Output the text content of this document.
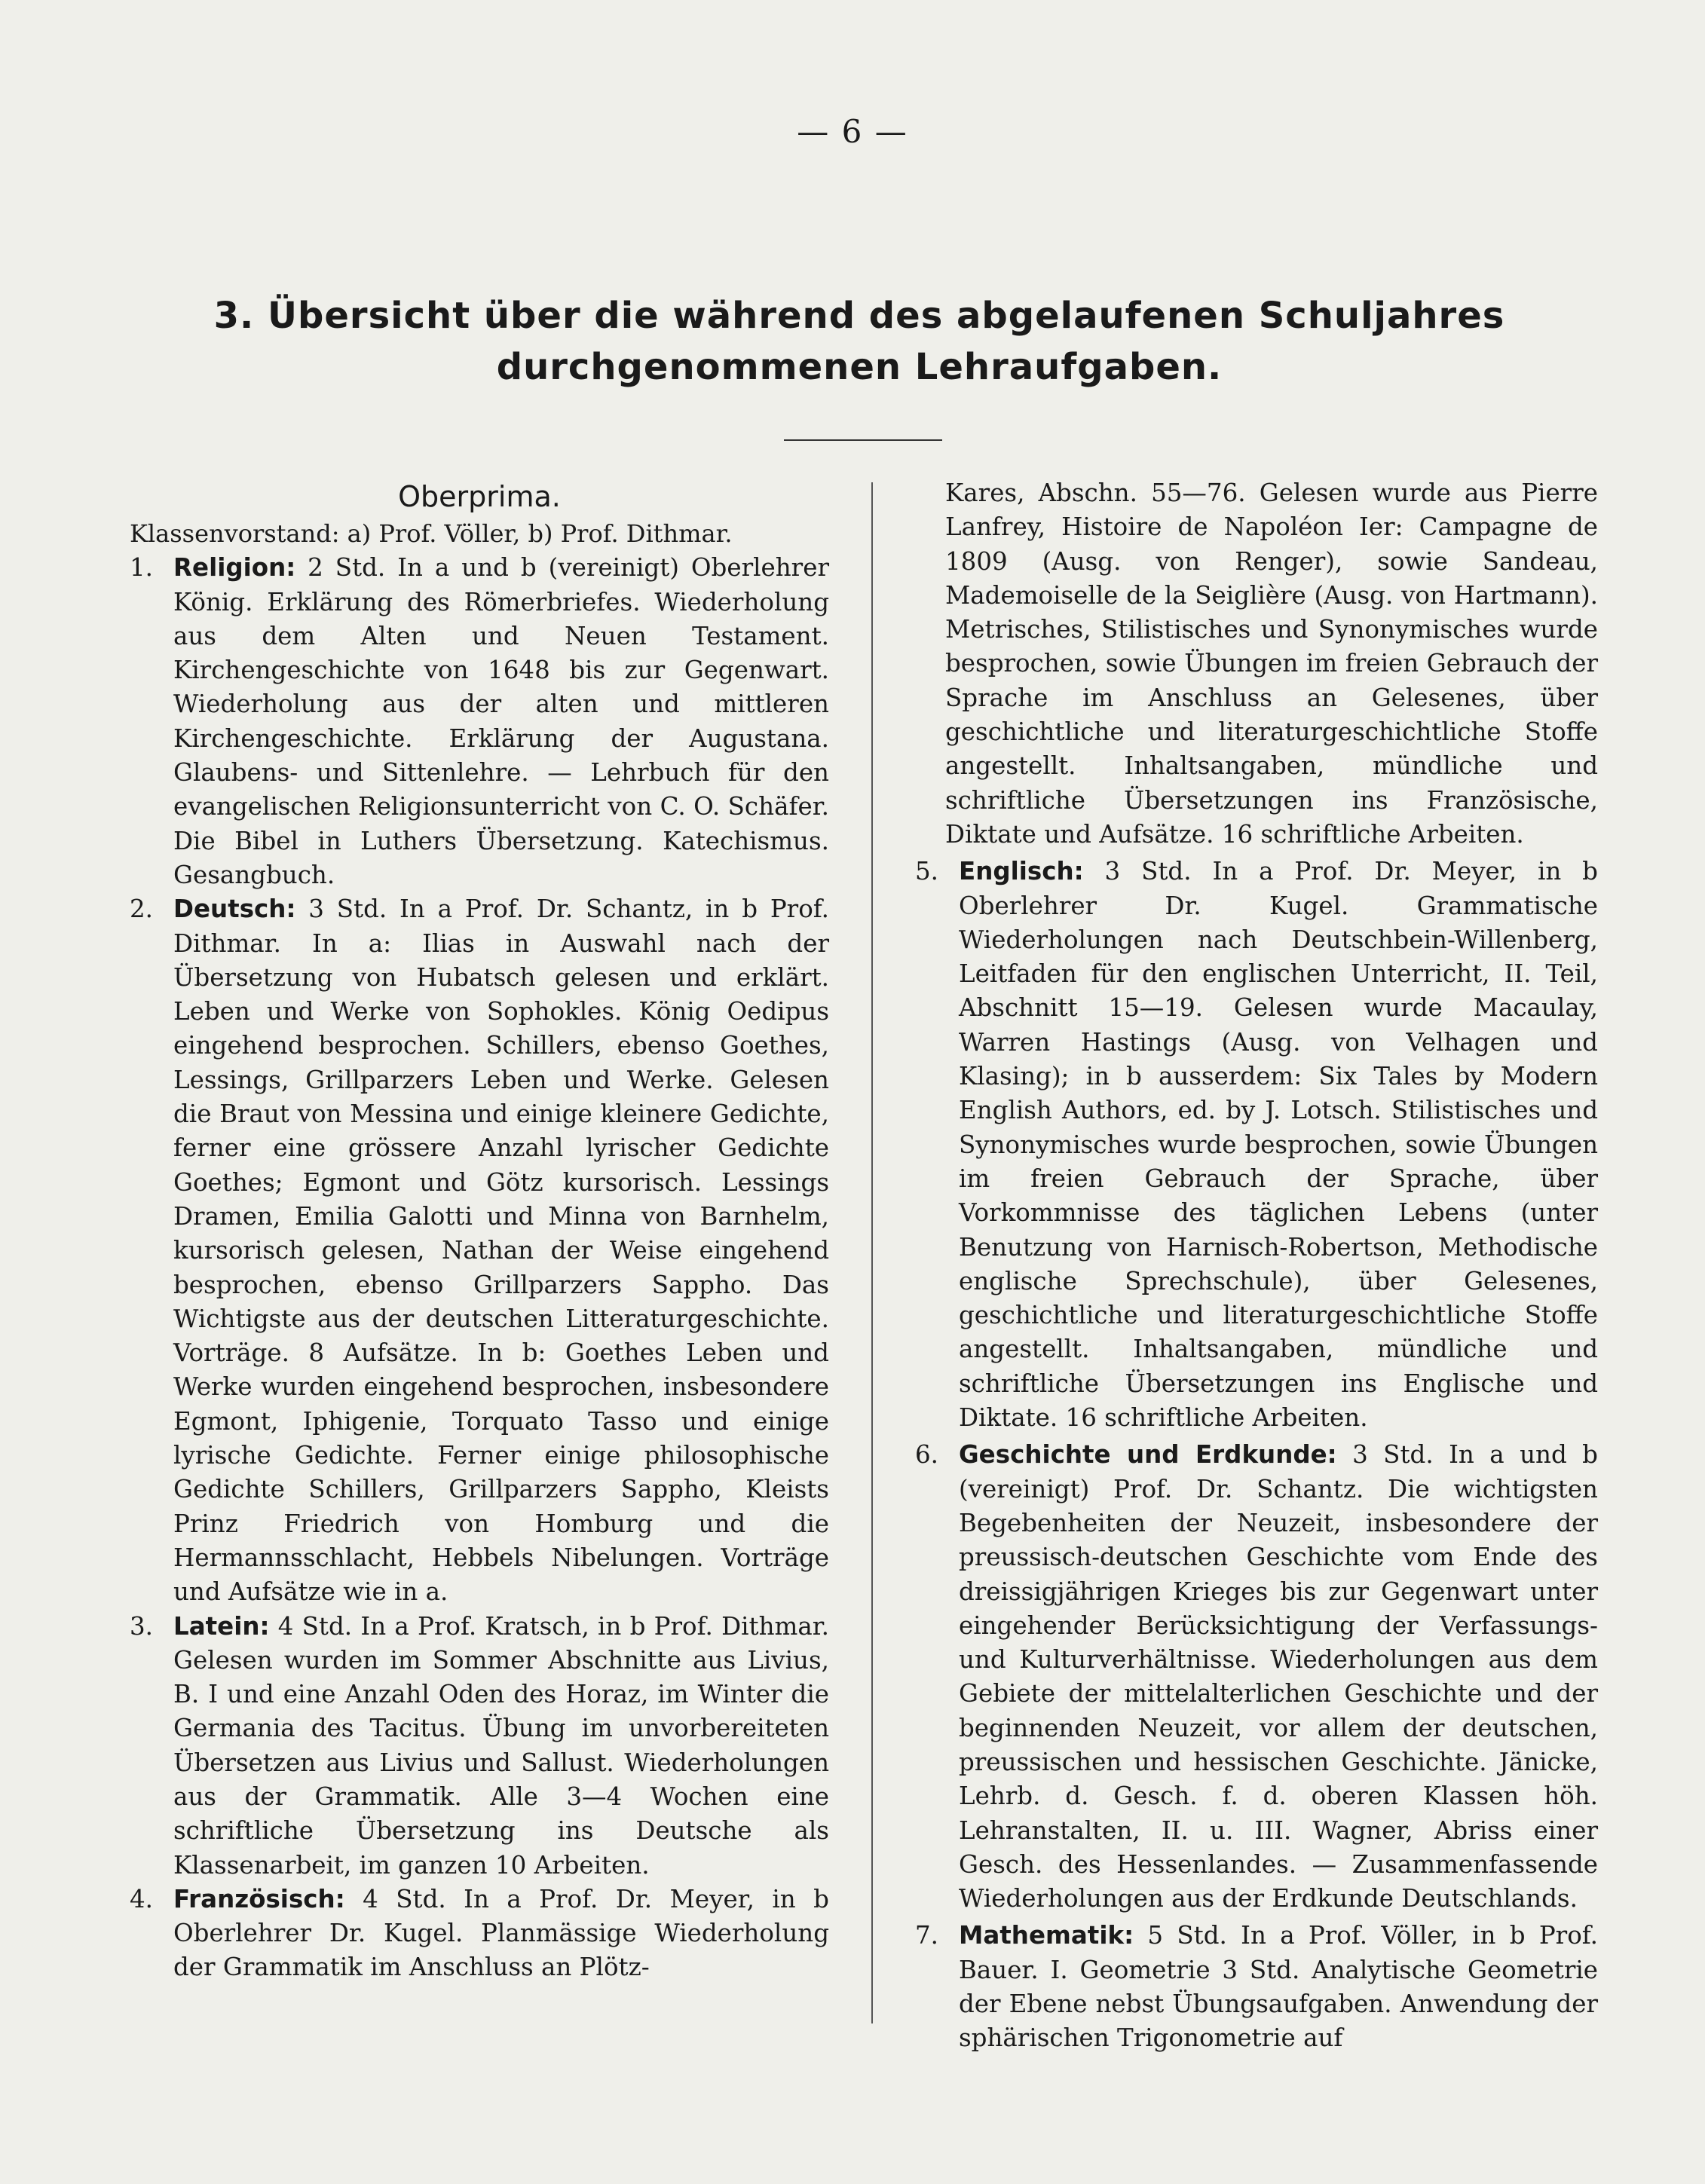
— 6 —
3. Übersicht über die während des abgelaufenen Schuljahres
durchgenommenen Lehraufgaben.
Oberprima.
Klassenvorstand: a) Prof. Völler, b) Prof. Dithmar.
1. Religion: 2 Std. In a und b (vereinigt) Oberlehrer König. Erklärung des Römerbriefes. Wiederholung aus dem Alten und Neuen Testament. Kirchengeschichte von 1648 bis zur Gegenwart. Wiederholung aus der alten und mittleren Kirchengeschichte. Erklärung der Augustana. Glaubens- und Sittenlehre. — Lehrbuch für den evangelischen Religionsunterricht von C. O. Schäfer. Die Bibel in Luthers Übersetzung. Katechismus. Gesangbuch.
2. Deutsch: 3 Std. In a Prof. Dr. Schantz, in b Prof. Dithmar. In a: Ilias in Auswahl nach der Übersetzung von Hubatsch gelesen und erklärt. Leben und Werke von Sophokles. König Oedipus eingehend besprochen. Schillers, ebenso Goethes, Lessings, Grillparzers Leben und Werke. Gelesen die Braut von Messina und einige kleinere Gedichte, ferner eine grössere Anzahl lyrischer Gedichte Goethes; Egmont und Götz kursorisch. Lessings Dramen, Emilia Galotti und Minna von Barnhelm, kursorisch gelesen, Nathan der Weise eingehend besprochen, ebenso Grillparzers Sappho. Das Wichtigste aus der deutschen Litteraturgeschichte. Vorträge. 8 Aufsätze. In b: Goethes Leben und Werke wurden eingehend besprochen, insbesondere Egmont, Iphigenie, Torquato Tasso und einige lyrische Gedichte. Ferner einige philosophische Gedichte Schillers, Grillparzers Sappho, Kleists Prinz Friedrich von Homburg und die Hermannsschlacht, Hebbels Nibelungen. Vorträge und Aufsätze wie in a.
3. Latein: 4 Std. In a Prof. Kratsch, in b Prof. Dithmar. Gelesen wurden im Sommer Abschnitte aus Livius, B. I und eine Anzahl Oden des Horaz, im Winter die Germania des Tacitus. Übung im unvorbereiteten Übersetzen aus Livius und Sallust. Wiederholungen aus der Grammatik. Alle 3—4 Wochen eine schriftliche Übersetzung ins Deutsche als Klassenarbeit, im ganzen 10 Arbeiten.
4. Französisch: 4 Std. In a Prof. Dr. Meyer, in b Oberlehrer Dr. Kugel. Planmässige Wiederholung der Grammatik im Anschluss an Plötz-
Kares, Abschn. 55—76. Gelesen wurde aus Pierre Lanfrey, Histoire de Napoléon Ier: Campagne de 1809 (Ausg. von Renger), sowie Sandeau, Mademoiselle de la Seiglière (Ausg. von Hartmann). Metrisches, Stilistisches und Synonymisches wurde besprochen, sowie Übungen im freien Gebrauch der Sprache im Anschluss an Gelesenes, über geschichtliche und literaturgeschichtliche Stoffe angestellt. Inhaltsangaben, mündliche und schriftliche Übersetzungen ins Französische, Diktate und Aufsätze. 16 schriftliche Arbeiten.
5. Englisch: 3 Std. In a Prof. Dr. Meyer, in b Oberlehrer Dr. Kugel. Grammatische Wiederholungen nach Deutschbein-Willenberg, Leitfaden für den englischen Unterricht, II. Teil, Abschnitt 15—19. Gelesen wurde Macaulay, Warren Hastings (Ausg. von Velhagen und Klasing); in b ausserdem: Six Tales by Modern English Authors, ed. by J. Lotsch. Stilistisches und Synonymisches wurde besprochen, sowie Übungen im freien Gebrauch der Sprache, über Vorkommnisse des täglichen Lebens (unter Benutzung von Harnisch-Robertson, Methodische englische Sprechschule), über Gelesenes, geschichtliche und literaturgeschichtliche Stoffe angestellt. Inhaltsangaben, mündliche und schriftliche Übersetzungen ins Englische und Diktate. 16 schriftliche Arbeiten.
6. Geschichte und Erdkunde: 3 Std. In a und b (vereinigt) Prof. Dr. Schantz. Die wichtigsten Begebenheiten der Neuzeit, insbesondere der preussisch-deutschen Geschichte vom Ende des dreissigjährigen Krieges bis zur Gegenwart unter eingehender Berücksichtigung der Verfassungs- und Kulturverhältnisse. Wiederholungen aus dem Gebiete der mittelalterlichen Geschichte und der beginnenden Neuzeit, vor allem der deutschen, preussischen und hessischen Geschichte. Jänicke, Lehrb. d. Gesch. f. d. oberen Klassen höh. Lehranstalten, II. u. III. Wagner, Abriss einer Gesch. des Hessenlandes. — Zusammenfassende Wiederholungen aus der Erdkunde Deutschlands.
7. Mathematik: 5 Std. In a Prof. Völler, in b Prof. Bauer. I. Geometrie 3 Std. Analytische Geometrie der Ebene nebst Übungsaufgaben. Anwendung der sphärischen Trigonometrie auf
